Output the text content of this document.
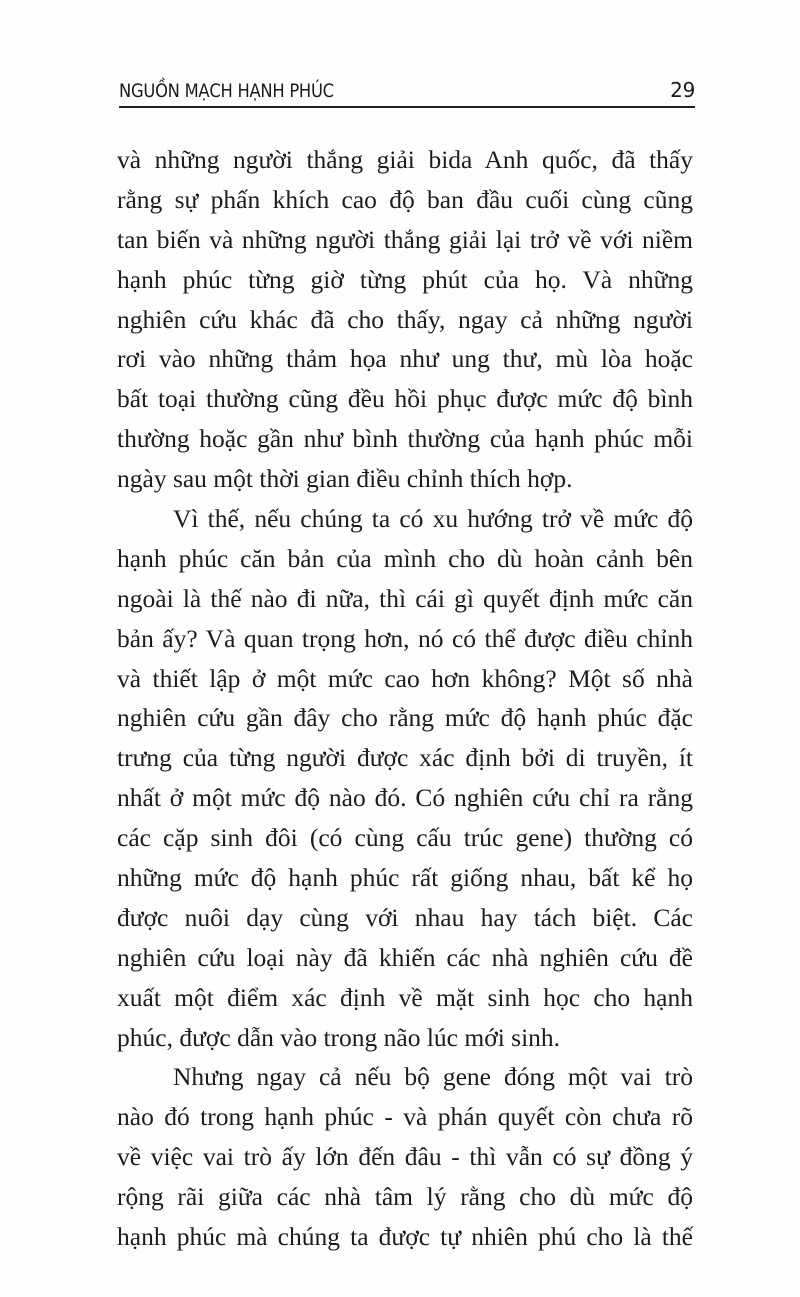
NGUỒN MẠCH HẠNH PHÚC	29
và những người thắng giải bida Anh quốc, đã thấy
rằng sự phấn khích cao độ ban đầu cuối cùng cũng
tan biến và những người thắng giải lại trở về với niềm
hạnh phúc từng giờ từng phút của họ. Và những
nghiên cứu khác đã cho thấy, ngay cả những người
rơi vào những thảm họa như ung thư, mù lòa hoặc
bất toại thường cũng đều hồi phục được mức độ bình
thường hoặc gần như bình thường của hạnh phúc mỗi
ngày sau một thời gian điều chỉnh thích hợp.
Vì thế, nếu chúng ta có xu hướng trở về mức độ
hạnh phúc căn bản của mình cho dù hoàn cảnh bên
ngoài là thế nào đi nữa, thì cái gì quyết định mức căn
bản ấy? Và quan trọng hơn, nó có thể được điều chỉnh
và thiết lập ở một mức cao hơn không? Một số nhà
nghiên cứu gần đây cho rằng mức độ hạnh phúc đặc
trưng của từng người được xác định bởi di truyền, ít
nhất ở một mức độ nào đó. Có nghiên cứu chỉ ra rằng
các cặp sinh đôi (có cùng cấu trúc gene) thường có
những mức độ hạnh phúc rất giống nhau, bất kể họ
được nuôi dạy cùng với nhau hay tách biệt. Các
nghiên cứu loại này đã khiến các nhà nghiên cứu đề
xuất một điểm xác định về mặt sinh học cho hạnh
phúc, được dẫn vào trong não lúc mới sinh.
Nhưng ngay cả nếu bộ gene đóng một vai trò
nào đó trong hạnh phúc - và phán quyết còn chưa rõ
về việc vai trò ấy lớn đến đâu - thì vẫn có sự đồng ý
rộng rãi giữa các nhà tâm lý rằng cho dù mức độ
hạnh phúc mà chúng ta được tự nhiên phú cho là thế
